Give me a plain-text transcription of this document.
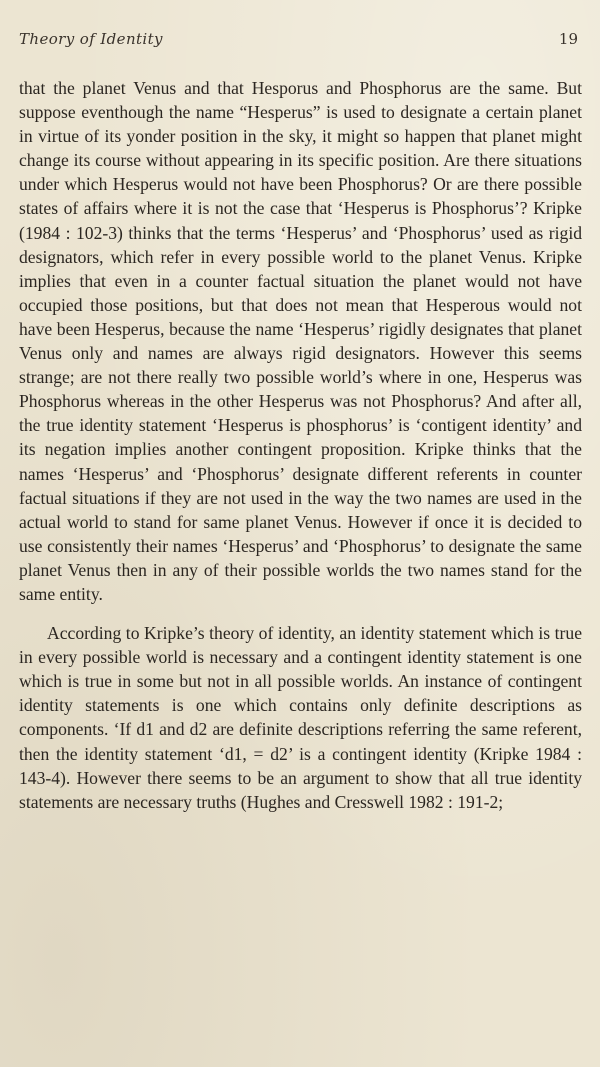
Theory of Identity	19

that the planet Venus and that Hesporus and Phosphorus are the same. But suppose eventhough the name “Hesperus” is used to designate a certain planet in virtue of its yonder position in the sky, it might so happen that planet might change its course without appearing in its specific position. Are there situations under which Hesperus would not have been Phosphorus? Or are there possible states of affairs where it is not the case that ‘Hesperus is Phosphorus’? Kripke (1984 : 102-3) thinks that the terms ‘Hesperus’ and ‘Phosphorus’ used as rigid designators, which refer in every possible world to the planet Venus. Kripke implies that even in a counter factual situation the planet would not have occupied those positions, but that does not mean that Hesperous would not have been Hesperus, because the name ‘Hesperus’ rigidly designates that planet Venus only and names are always rigid designators. However this seems strange; are not there really two possible world’s where in one, Hesperus was Phosphorus whereas in the other Hesperus was not Phosphorus? And after all, the true identity statement ‘Hesperus is phosphorus’ is ‘contigent identity’ and its negation implies another contingent proposition. Kripke thinks that the names ‘Hesperus’ and ‘Phosphorus’ designate different referents in counter factual situations if they are not used in the way the two names are used in the actual world to stand for same planet Venus. However if once it is decided to use consistently their names ‘Hesperus’ and ‘Phosphorus’ to designate the same planet Venus then in any of their possible worlds the two names stand for the same entity.

According to Kripke’s theory of identity, an identity statement which is true in every possible world is necessary and a contingent identity statement is one which is true in some but not in all possible worlds. An instance of contingent identity statements is one which contains only definite descriptions as components. ‘If d1 and d2 are definite descriptions referring the same referent, then the identity statement ‘d1, = d2’ is a contingent identity (Kripke 1984 : 143-4). However there seems to be an argument to show that all true identity statements are necessary truths (Hughes and Cresswell 1982 : 191-2;
